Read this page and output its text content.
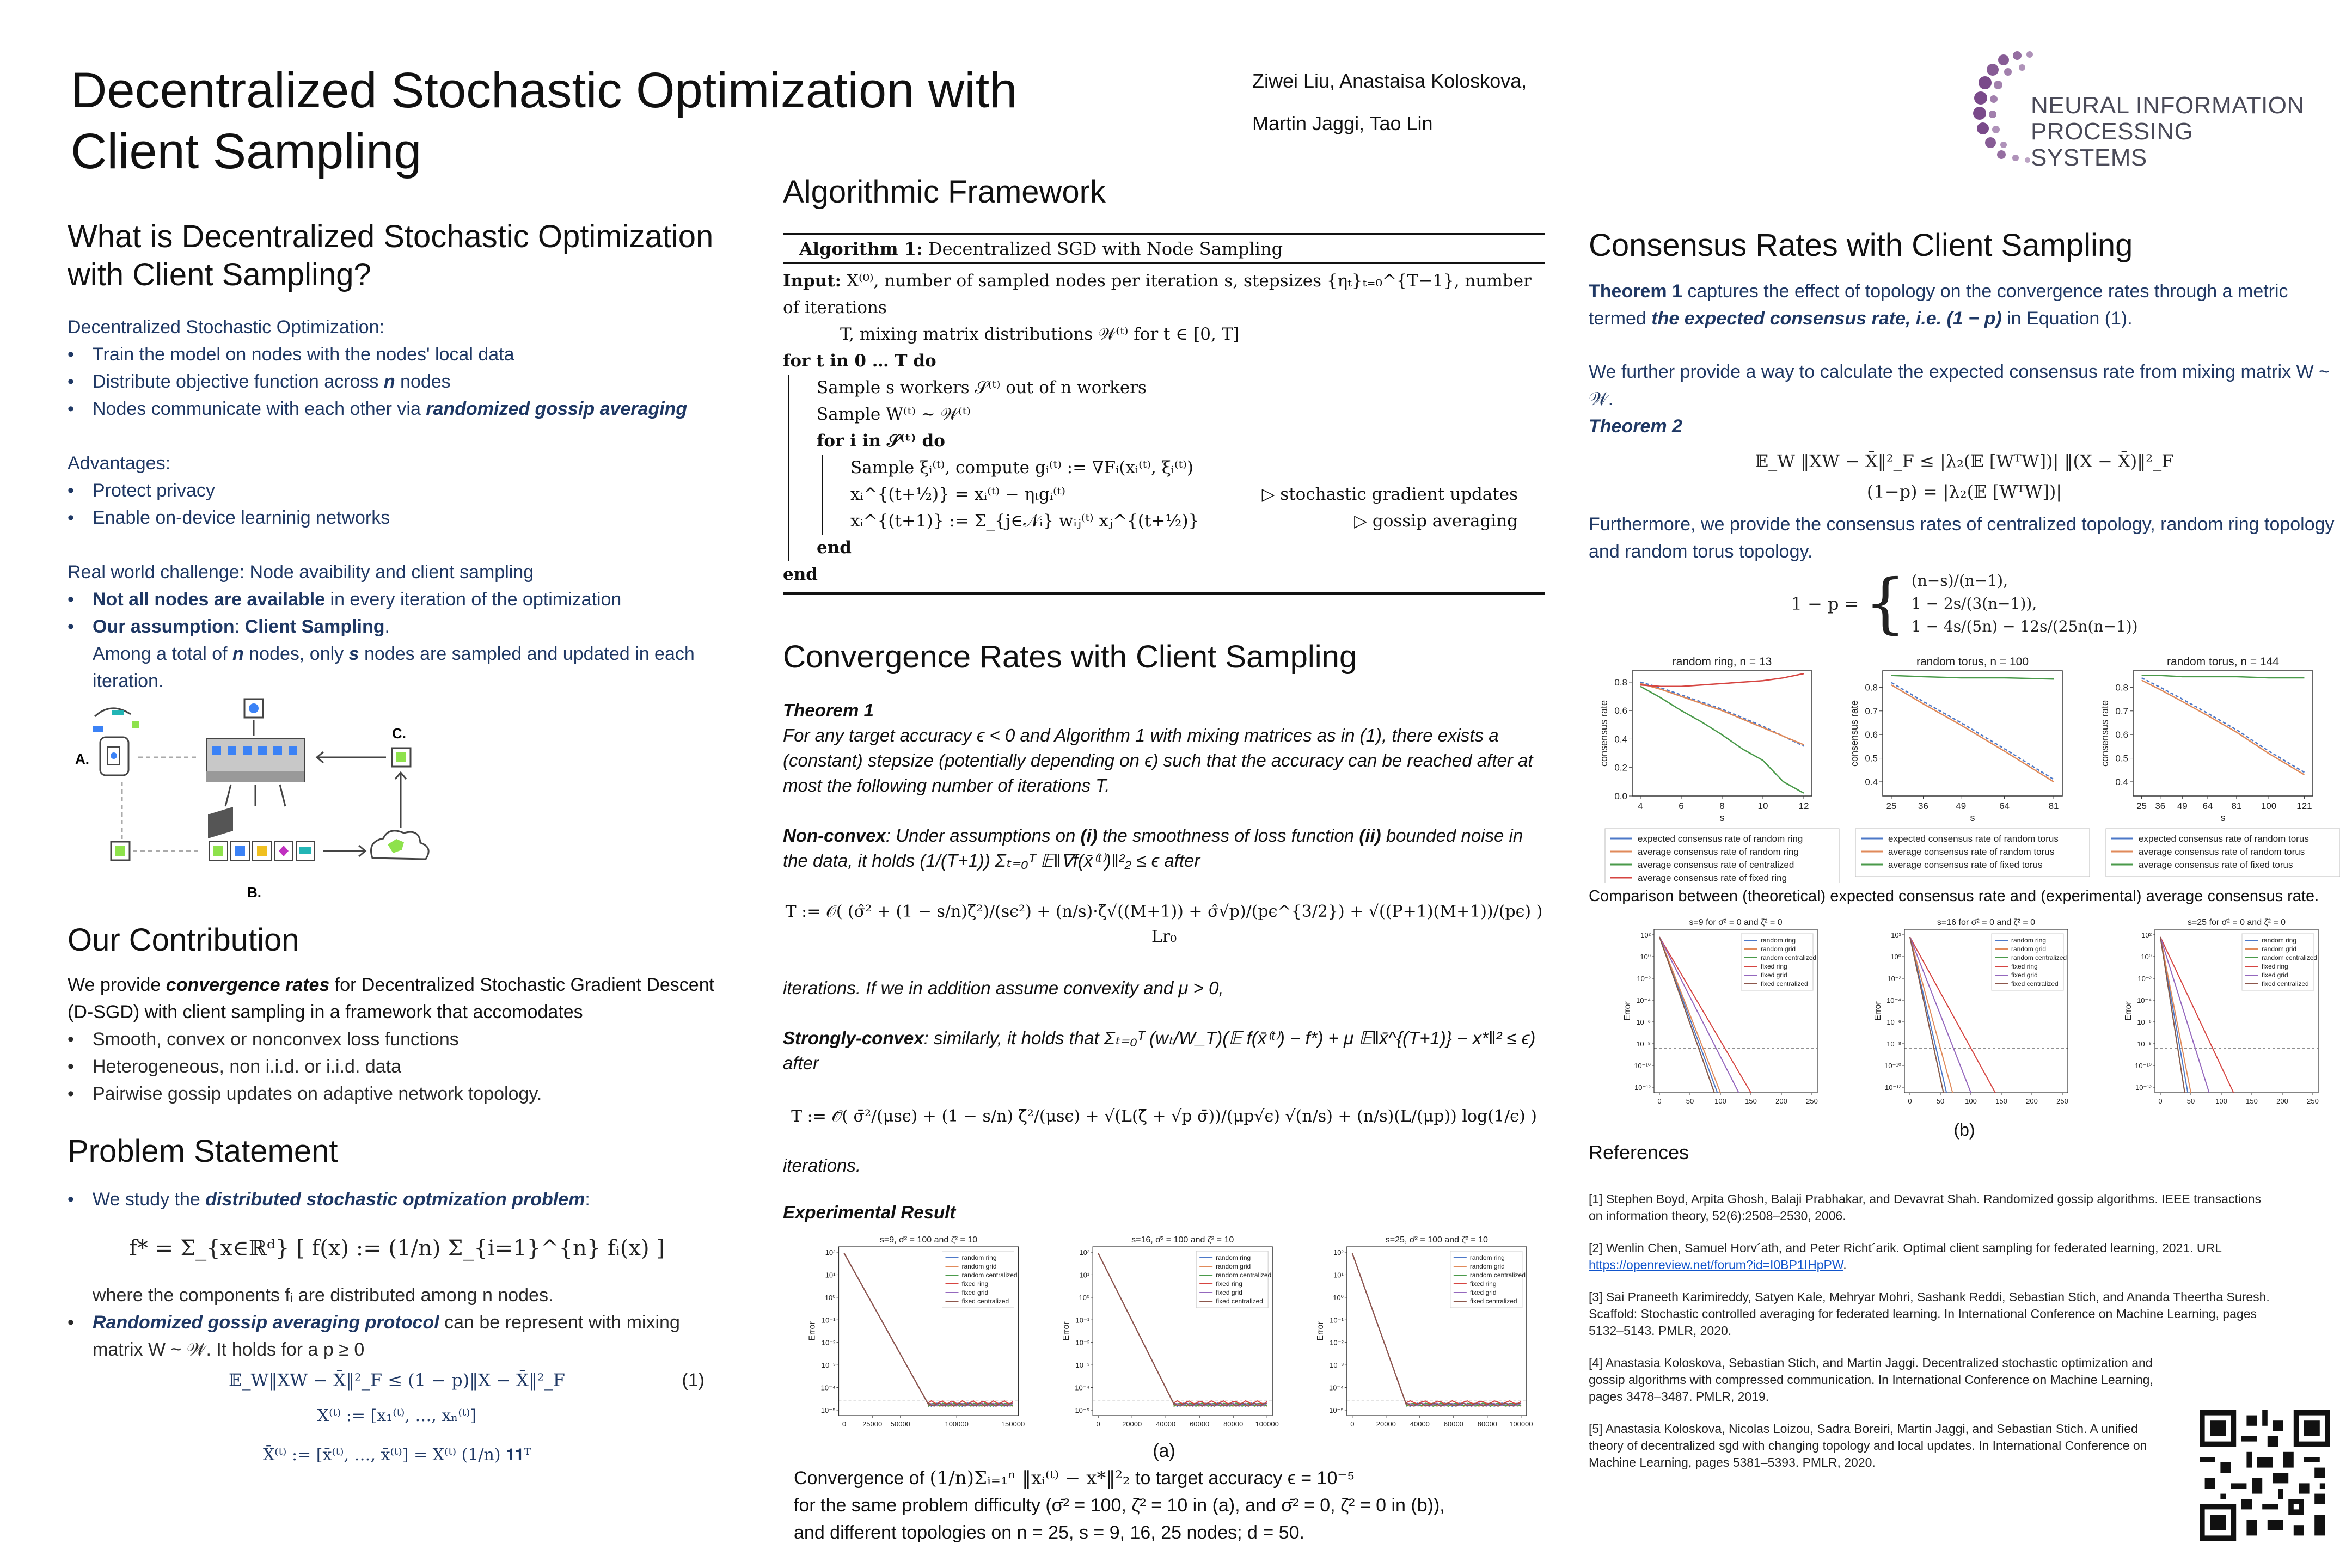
Decentralized Stochastic Optimization with
Client Sampling
Ziwei Liu, Anastaisa Koloskova,
Martin Jaggi, Tao Lin
NEURAL INFORMATION
PROCESSING SYSTEMS
What is Decentralized Stochastic Optimization
with Client Sampling?
Decentralized Stochastic Optimization:
• Train the model on nodes with the nodes' local data
• Distribute objective function across n nodes
• Nodes communicate with each other via randomized gossip averaging
Advantages:
• Protect privacy
• Enable on-device learninig networks
Real world challenge: Node avaibility and client sampling
• Not all nodes are available in every iteration of the optimization
• Our assumption: Client Sampling.
Among a total of n nodes, only s nodes are sampled and updated in each iteration.
A.
B.
C.
Our Contribution
We provide convergence rates for Decentralized Stochastic Gradient Descent (D-SGD) with client sampling in a framework that accomodates
• Smooth, convex or nonconvex loss functions
• Heterogeneous, non i.i.d. or i.i.d. data
• Pairwise gossip updates on adaptive network topology.
Problem Statement
• We study the distributed stochastic optmization problem:
f* = Σ_{x∈ℝᵈ} [ f(x) := (1/n) Σ_{i=1}^{n} fᵢ(x) ]
where the components fᵢ are distributed among n nodes.
• Randomized gossip averaging protocol can be represent with mixing matrix W ~ 𝒲. It holds for a p ≥ 0
𝔼_W‖XW − X̄‖²_F ≤ (1 − p)‖X − X̄‖²_F	(1)
X⁽ᵗ⁾ := [x₁⁽ᵗ⁾, …, xₙ⁽ᵗ⁾]
X̄⁽ᵗ⁾ := [x̄⁽ᵗ⁾, …, x̄⁽ᵗ⁾] = X⁽ᵗ⁾ (1/n) 𝟏𝟏ᵀ
Algorithmic Framework
Algorithm 1: Decentralized SGD with Node Sampling
Input: X⁽⁰⁾, number of sampled nodes per iteration s, stepsizes {ηₜ}ₜ₌₀^{T−1}, number of iterations
T, mixing matrix distributions 𝒲⁽ᵗ⁾ for t ∈ [0, T]
for t in 0 … T do
Sample s workers 𝒮⁽ᵗ⁾ out of n workers
Sample W⁽ᵗ⁾ ~ 𝒲⁽ᵗ⁾
for i in 𝒮⁽ᵗ⁾ do
Sample ξᵢ⁽ᵗ⁾, compute gᵢ⁽ᵗ⁾ := ∇Fᵢ(xᵢ⁽ᵗ⁾, ξᵢ⁽ᵗ⁾)
xᵢ^{(t+½)} = xᵢ⁽ᵗ⁾ − ηₜgᵢ⁽ᵗ⁾	▷ stochastic gradient updates
xᵢ^{(t+1)} := Σ_{j∈𝒩ᵢ} wᵢⱼ⁽ᵗ⁾ xⱼ^{(t+½)}	▷ gossip averaging
end
end
Convergence Rates with Client Sampling
Theorem 1
For any target accuracy ϵ < 0 and Algorithm 1 with mixing matrices as in (1), there exists a (constant) stepsize (potentially depending on ϵ) such that the accuracy can be reached after at most the following number of iterations T.
Non-convex: Under assumptions on (i) the smoothness of loss function (ii) bounded noise in the data, it holds (1/(T+1)) Σₜ₌₀ᵀ 𝔼‖∇f(x̄⁽ᵗ⁾)‖²₂ ≤ ϵ after
T := 𝒪( (σ̂² + (1 − s/n)ζ̂²)/(sϵ²) + (n/s)·ζ̂√((M+1)) + σ̂√p)/(pϵ^{3/2}) + √((P+1)(M+1))/(pϵ) ) Lr₀
iterations. If we in addition assume convexity and μ > 0,
Strongly-convex: similarly, it holds that Σₜ₌₀ᵀ (wₜ/W_T)(𝔼 f(x̄⁽ᵗ⁾) − f*) + μ 𝔼‖x̄^{(T+1)} − x*‖² ≤ ϵ) after
T := 𝒪̃( σ̄²/(μsϵ) + (1 − s/n) ζ̄²/(μsϵ) + √(L(ζ̄ + √p σ̄))/(μp√ϵ) √(n/s) + (n/s)(L/(μp)) log(1/ϵ) )
iterations.
Experimental Result
s=9, σ̄² = 100 and ζ̄² = 10
Error
10²
10¹
10⁰
10⁻¹
10⁻²
10⁻³
10⁻⁴
10⁻⁵
0 25000 50000	100000	150000
random ring
random grid
random centralized
fixed ring
fixed grid
fixed centralized
s=16, σ̄² = 100 and ζ̄² = 10
Error
10²
10¹
10⁰
10⁻¹
10⁻²
10⁻³
10⁻⁴
10⁻⁵
0	20000 40000 60000 80000 100000
random ring
random grid
random centralized
fixed ring
fixed grid
fixed centralized
s=25, σ̄² = 100 and ζ̄² = 10
Error
10²
10¹
10⁰
10⁻¹
10⁻²
10⁻³
10⁻⁴
10⁻⁵
0	20000 40000 60000 80000 100000
random ring
random grid
random centralized
fixed ring
fixed grid
fixed centralized
(a)
Convergence of (1/n)Σᵢ₌₁ⁿ ‖xᵢ⁽ᵗ⁾ − x*‖²₂ to target accuracy ϵ = 10⁻⁵
for the same problem difficulty (σ̄² = 100, ζ̄² = 10 in (a), and σ̄² = 0, ζ̄² = 0 in (b)),
and different topologies on n = 25, s = 9, 16, 25 nodes; d = 50.
Consensus Rates with Client Sampling
Theorem 1 captures the effect of topology on the convergence rates through a metric termed the expected consensus rate, i.e. (1 − p) in Equation (1).
We further provide a way to calculate the expected consensus rate from mixing matrix W ~ 𝒲.
Theorem 2
𝔼_W ‖XW − X̄‖²_F ≤ |λ₂(𝔼 [WᵀW])| ‖(X − X̄)‖²_F
(1−p) = |λ₂(𝔼 [WᵀW])|
Furthermore, we provide the consensus rates of centralized topology, random ring topology and random torus topology.
1 − p = { (n−s)/(n−1),
1 − 2s/(3(n−1)),
1 − 4s/(5n) − 12s/(25n(n−1))
random ring, n = 13
s
consensus rate
4	6	8	10	12
0.0
0.2
0.4
0.6
0.8
expected consensus rate of random ring
average consensus rate of random ring
average consensus rate of centralized
average consensus rate of fixed ring
random torus, n = 100
s
consensus rate
25 36	49	64	81
0.4
0.5
0.6
0.7
0.8
expected consensus rate of random torus
average consensus rate of random torus
average consensus rate of fixed torus
random torus, n = 144
s
consensus rate
25 36 49 64 81 100 121
0.4
0.5
0.6
0.7
0.8
expected consensus rate of random torus
average consensus rate of random torus
average consensus rate of fixed torus
Comparison between (theoretical) expected consensus rate and (experimental) average consensus rate.
s=9 for σ̄² = 0 and ζ̄² = 0
Error
10²
10⁰
10⁻²
10⁻⁴
10⁻⁶
10⁻⁸
10⁻¹⁰
10⁻¹²
0	50	100	150	200	250
random ring
random grid
random centralized
fixed ring
fixed grid
fixed centralized
s=16 for σ̄² = 0 and ζ̄² = 0
Error
10²
10⁰
10⁻²
10⁻⁴
10⁻⁶
10⁻⁸
10⁻¹⁰
10⁻¹²
0	50	100	150	200	250
random ring
random grid
random centralized
fixed ring
fixed grid
fixed centralized
s=25 for σ̄² = 0 and ζ̄² = 0
Error
10²
10⁰
10⁻²
10⁻⁴
10⁻⁶
10⁻⁸
10⁻¹⁰
10⁻¹²
0	50	100	150	200	250
random ring
random grid
random centralized
fixed ring
fixed grid
fixed centralized
(b)
References

[1] Stephen Boyd, Arpita Ghosh, Balaji Prabhakar, and Devavrat Shah. Randomized gossip algorithms. IEEE transactions on information theory, 52(6):2508–2530, 2006.

[2] Wenlin Chen, Samuel Horv´ath, and Peter Richt´arik. Optimal client sampling for federated learning, 2021. URL https://openreview.net/forum?id=I0BP1IHpPW.

[3] Sai Praneeth Karimireddy, Satyen Kale, Mehryar Mohri, Sashank Reddi, Sebastian Stich, and Ananda Theertha Suresh. Scaffold: Stochastic controlled averaging for federated learning. In International Conference on Machine Learning, pages 5132–5143. PMLR, 2020.

[4] Anastasia Koloskova, Sebastian Stich, and Martin Jaggi. Decentralized stochastic optimization and gossip algorithms with compressed communication. In International Conference on Machine Learning, pages 3478–3487. PMLR, 2019.

[5] Anastasia Koloskova, Nicolas Loizou, Sadra Boreiri, Martin Jaggi, and Sebastian Stich. A unified theory of decentralized sgd with changing topology and local updates. In International Conference on Machine Learning, pages 5381–5393. PMLR, 2020.
